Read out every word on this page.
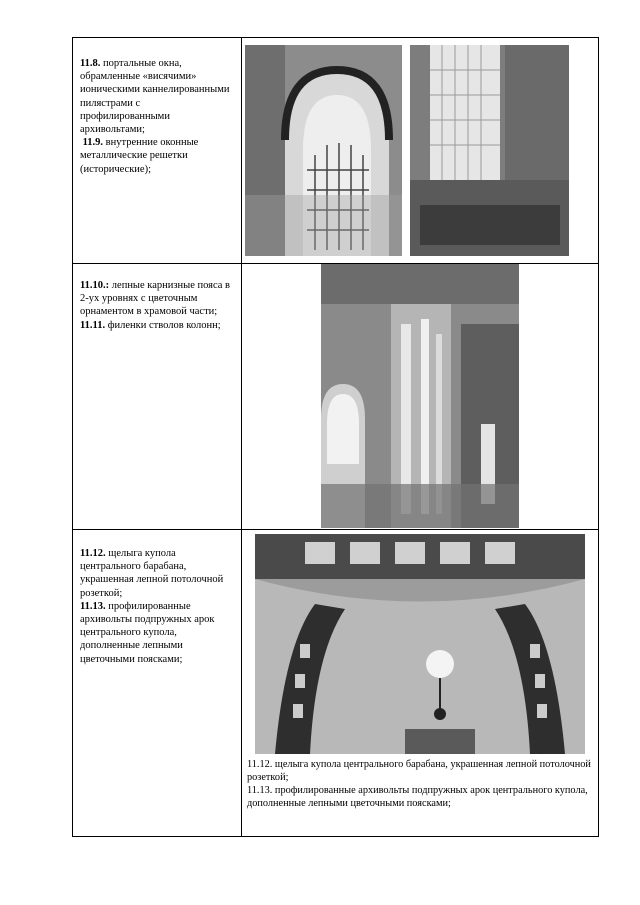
11.8. портальные окна, обрамленные «висячими» ионическими каннелированными пилястрами с профилированными архивольтами;

11.9. внутренние оконные металлические решетки (исторические);

11.10.: лепные карнизные пояса в 2-ух уровнях с цветочным орнаментом в храмовой части;

11.11. филенки стволов колонн;

11.12. щелыга купола центрального барабана, украшенная лепной потолочной розеткой;

11.13. профилированные архивольты подпружных арок центрального купола, дополненные лепными цветочными поясками;

11.12. щелыга купола центрального барабана, украшенная лепной потолочной розеткой;
11.13. профилированные архивольты подпружных арок центрального купола, дополненные лепными цветочными поясками;
